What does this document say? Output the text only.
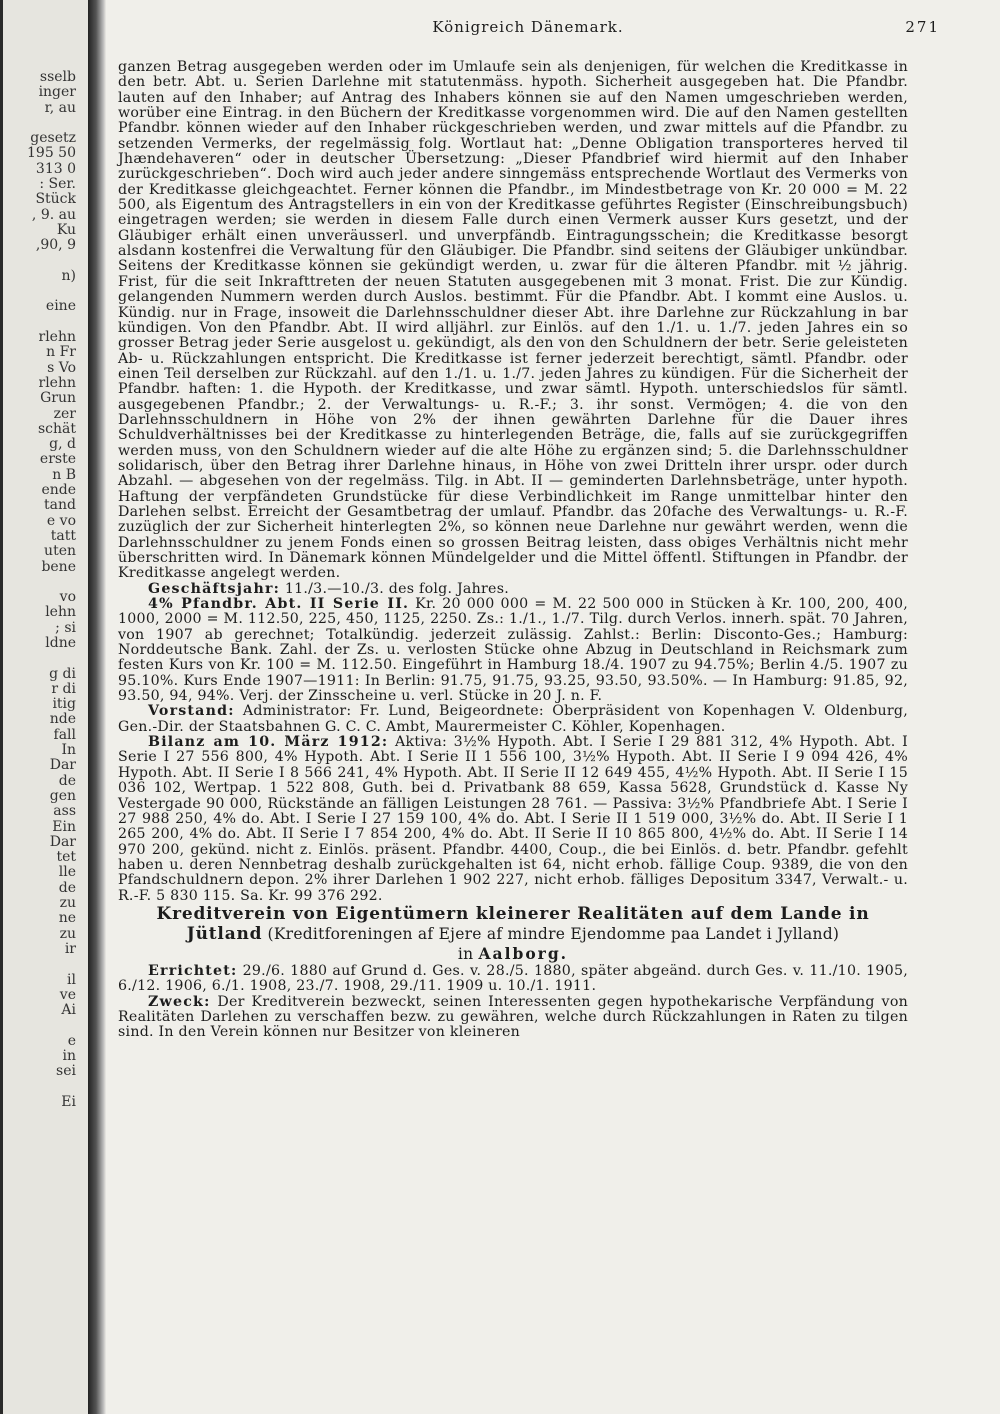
sselb
inger
r, au

gesetz
195 50
313 0
: Ser.
Stück
, 9. au
Ku
,90, 9

n)

eine

rlehn
n Fr
s Vo
rlehn
Grun
zer
schät
g, d
erste
n B
ende
tand
e vo
tatt
uten
bene

vo
lehn
; si
ldne

g di
r di
itig
nde
fall
In
Dar
de
gen
ass
Ein
Dar
tet
lle
de
zu
ne
zu
ir

il
ve
Ai

e
in
sei

Ei

Königreich Dänemark.	271

ganzen Betrag ausgegeben werden oder im Umlaufe sein als denjenigen, für welchen die Kreditkasse in den betr. Abt. u. Serien Darlehne mit statutenmäss. hypoth. Sicherheit ausgegeben hat. Die Pfandbr. lauten auf den Inhaber; auf Antrag des Inhabers können sie auf den Namen umgeschrieben werden, worüber eine Eintrag. in den Büchern der Kreditkasse vorgenommen wird. Die auf den Namen gestellten Pfandbr. können wieder auf den Inhaber rückgeschrieben werden, und zwar mittels auf die Pfandbr. zu setzenden Vermerks, der regelmässig folg. Wortlaut hat: „Denne Obligation transporteres herved til Jhændehaveren“ oder in deutscher Übersetzung: „Dieser Pfandbrief wird hiermit auf den Inhaber zurückgeschrieben“. Doch wird auch jeder andere sinngemäss entsprechende Wortlaut des Vermerks von der Kreditkasse gleichgeachtet. Ferner können die Pfandbr., im Mindestbetrage von Kr. 20 000 = M. 22 500, als Eigentum des Antragstellers in ein von der Kreditkasse geführtes Register (Einschreibungsbuch) eingetragen werden; sie werden in diesem Falle durch einen Vermerk ausser Kurs gesetzt, und der Gläubiger erhält einen unveräusserl. und unverpfändb. Eintragungsschein; die Kreditkasse besorgt alsdann kostenfrei die Verwaltung für den Gläubiger. Die Pfandbr. sind seitens der Gläubiger unkündbar. Seitens der Kreditkasse können sie gekündigt werden, u. zwar für die älteren Pfandbr. mit ½ jährig. Frist, für die seit Inkrafttreten der neuen Statuten ausgegebenen mit 3 monat. Frist. Die zur Kündig. gelangenden Nummern werden durch Auslos. bestimmt. Für die Pfandbr. Abt. I kommt eine Auslos. u. Kündig. nur in Frage, insoweit die Darlehnsschuldner dieser Abt. ihre Darlehne zur Rückzahlung in bar kündigen. Von den Pfandbr. Abt. II wird alljährl. zur Einlös. auf den 1./1. u. 1./7. jeden Jahres ein so grosser Betrag jeder Serie ausgelost u. gekündigt, als den von den Schuldnern der betr. Serie geleisteten Ab- u. Rückzahlungen entspricht. Die Kreditkasse ist ferner jederzeit berechtigt, sämtl. Pfandbr. oder einen Teil derselben zur Rückzahl. auf den 1./1. u. 1./7. jeden Jahres zu kündigen. Für die Sicherheit der Pfandbr. haften: 1. die Hypoth. der Kreditkasse, und zwar sämtl. Hypoth. unterschiedslos für sämtl. ausgegebenen Pfandbr.; 2. der Verwaltungs- u. R.-F.; 3. ihr sonst. Vermögen; 4. die von den Darlehnsschuldnern in Höhe von 2% der ihnen gewährten Darlehne für die Dauer ihres Schuldverhältnisses bei der Kreditkasse zu hinterlegenden Beträge, die, falls auf sie zurückgegriffen werden muss, von den Schuldnern wieder auf die alte Höhe zu ergänzen sind; 5. die Darlehnsschuldner solidarisch, über den Betrag ihrer Darlehne hinaus, in Höhe von zwei Dritteln ihrer urspr. oder durch Abzahl. — abgesehen von der regelmäss. Tilg. in Abt. II — geminderten Darlehnsbeträge, unter hypoth. Haftung der verpfändeten Grundstücke für diese Verbindlichkeit im Range unmittelbar hinter den Darlehen selbst. Erreicht der Gesamtbetrag der umlauf. Pfandbr. das 20fache des Verwaltungs- u. R.-F. zuzüglich der zur Sicherheit hinterlegten 2%, so können neue Darlehne nur gewährt werden, wenn die Darlehnsschuldner zu jenem Fonds einen so grossen Beitrag leisten, dass obiges Verhältnis nicht mehr überschritten wird. In Dänemark können Mündelgelder und die Mittel öffentl. Stiftungen in Pfandbr. der Kreditkasse angelegt werden.

Geschäftsjahr: 11./3.—10./3. des folg. Jahres.

4% Pfandbr. Abt. II Serie II. Kr. 20 000 000 = M. 22 500 000 in Stücken à Kr. 100, 200, 400, 1000, 2000 = M. 112.50, 225, 450, 1125, 2250. Zs.: 1./1., 1./7. Tilg. durch Verlos. innerh. spät. 70 Jahren, von 1907 ab gerechnet; Totalkündig. jederzeit zulässig. Zahlst.: Berlin: Disconto-Ges.; Hamburg: Norddeutsche Bank. Zahl. der Zs. u. verlosten Stücke ohne Abzug in Deutschland in Reichsmark zum festen Kurs von Kr. 100 = M. 112.50. Eingeführt in Hamburg 18./4. 1907 zu 94.75%; Berlin 4./5. 1907 zu 95.10%. Kurs Ende 1907—1911: In Berlin: 91.75, 91.75, 93.25, 93.50, 93.50%. — In Hamburg: 91.85, 92, 93.50, 94, 94%. Verj. der Zinsscheine u. verl. Stücke in 20 J. n. F.

Vorstand: Administrator: Fr. Lund, Beigeordnete: Oberpräsident von Kopenhagen V. Oldenburg, Gen.-Dir. der Staatsbahnen G. C. C. Ambt, Maurermeister C. Köhler, Kopenhagen.

Bilanz am 10. März 1912: Aktiva: 3½% Hypoth. Abt. I Serie I 29 881 312, 4% Hypoth. Abt. I Serie I 27 556 800, 4% Hypoth. Abt. I Serie II 1 556 100, 3½% Hypoth. Abt. II Serie I 9 094 426, 4% Hypoth. Abt. II Serie I 8 566 241, 4% Hypoth. Abt. II Serie II 12 649 455, 4½% Hypoth. Abt. II Serie I 15 036 102, Wertpap. 1 522 808, Guth. bei d. Privatbank 88 659, Kassa 5628, Grundstück d. Kasse Ny Vestergade 90 000, Rückstände an fälligen Leistungen 28 761. — Passiva: 3½% Pfandbriefe Abt. I Serie I 27 988 250, 4% do. Abt. I Serie I 27 159 100, 4% do. Abt. I Serie II 1 519 000, 3½% do. Abt. II Serie I 1 265 200, 4% do. Abt. II Serie I 7 854 200, 4% do. Abt. II Serie II 10 865 800, 4½% do. Abt. II Serie I 14 970 200, gekünd. nicht z. Einlös. präsent. Pfandbr. 4400, Coup., die bei Einlös. d. betr. Pfandbr. gefehlt haben u. deren Nennbetrag deshalb zurückgehalten ist 64, nicht erhob. fällige Coup. 9389, die von den Pfandschuldnern depon. 2% ihrer Darlehen 1 902 227, nicht erhob. fälliges Depositum 3347, Verwalt.- u. R.-F. 5 830 115. Sa. Kr. 99 376 292.

Kreditverein von Eigentümern kleinerer Realitäten auf dem Lande in Jütland (Kreditforeningen af Ejere af mindre Ejendomme paa Landet i Jylland)
in Aalborg.

Errichtet: 29./6. 1880 auf Grund d. Ges. v. 28./5. 1880, später abgeänd. durch Ges. v. 11./10. 1905, 6./12. 1906, 6./1. 1908, 23./7. 1908, 29./11. 1909 u. 10./1. 1911.

Zweck: Der Kreditverein bezweckt, seinen Interessenten gegen hypothekarische Verpfändung von Realitäten Darlehen zu verschaffen bezw. zu gewähren, welche durch Rückzahlungen in Raten zu tilgen sind. In den Verein können nur Besitzer von kleineren
